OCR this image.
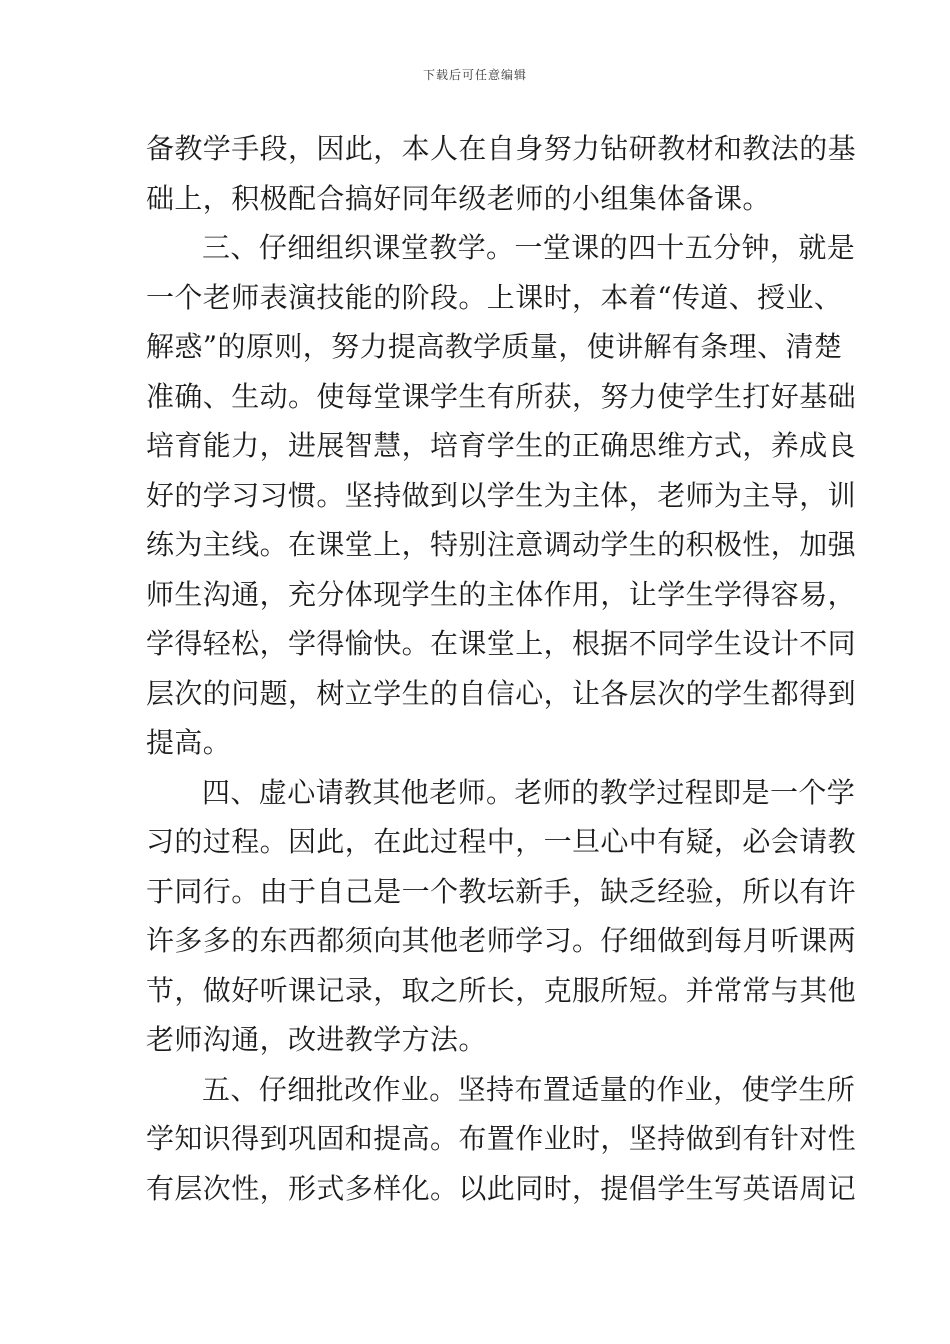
下载后可任意编辑
备教学手段，因此，本人在自身努力钻研教材和教法的基
础上，积极配合搞好同年级老师的小组集体备课。
三、仔细组织课堂教学。一堂课的四十五分钟，就是
一个老师表演技能的阶段。上课时，本着“传道、授业、
解惑”的原则，努力提高教学质量，使讲解有条理、清楚
准确、生动。使每堂课学生有所获，努力使学生打好基础
培育能力，进展智慧，培育学生的正确思维方式，养成良
好的学习习惯。坚持做到以学生为主体，老师为主导，训
练为主线。在课堂上，特别注意调动学生的积极性，加强
师生沟通，充分体现学生的主体作用，让学生学得容易，
学得轻松，学得愉快。在课堂上，根据不同学生设计不同
层次的问题，树立学生的自信心，让各层次的学生都得到
提高。
四、虚心请教其他老师。老师的教学过程即是一个学
习的过程。因此，在此过程中，一旦心中有疑，必会请教
于同行。由于自己是一个教坛新手，缺乏经验，所以有许
许多多的东西都须向其他老师学习。仔细做到每月听课两
节，做好听课记录，取之所长，克服所短。并常常与其他
老师沟通，改进教学方法。
五、仔细批改作业。坚持布置适量的作业，使学生所
学知识得到巩固和提高。布置作业时，坚持做到有针对性
有层次性，形式多样化。以此同时，提倡学生写英语周记
